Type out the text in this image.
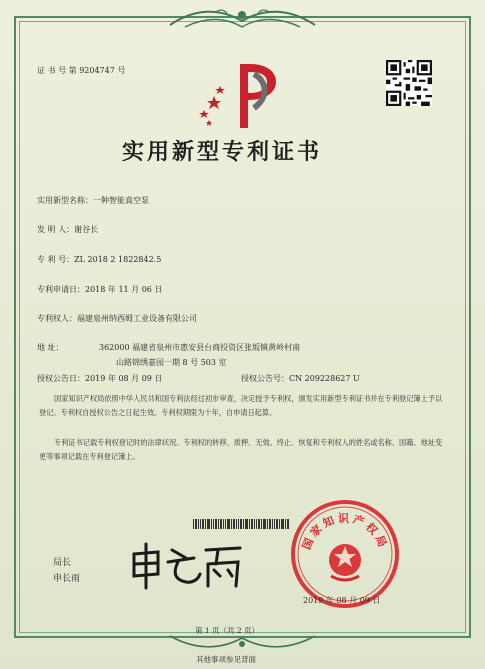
证 书 号 第 9204747 号
实用新型专利证书
实用新型名称：一种智能真空泵
发 明 人：谢谷长
专 利 号：ZL 2018 2 1822842.5
专利申请日：2018 年 11 月 06 日
专利权人：福建泉州纳西姆工业设备有限公司
地 址：	362000 福建省泉州市惠安县台商投资区张坂镇黄岭村南
山路锦绣嘉园一期 8 号 503 室
授权公告日：2019 年 08 月 09 日	授权公告号：CN 209228627 U
国家知识产权局依照中华人民共和国专利法经过初步审查，决定授予专利权，颁发实用新型专利证书并在专利登记簿上予以登记。专利权自授权公告之日起生效。专利权期限为十年，自申请日起算。
专利证书记载专利权登记时的法律状况。专利权的转移、质押、无效、终止、恢复和专利权人的姓名或名称、国籍、地址变更等事项记载在专利登记簿上。
局长
申长雨
国家知识产权局
2019 年 08 月 09 日
第 1 页（共 2 页）
其他事项参见背面
